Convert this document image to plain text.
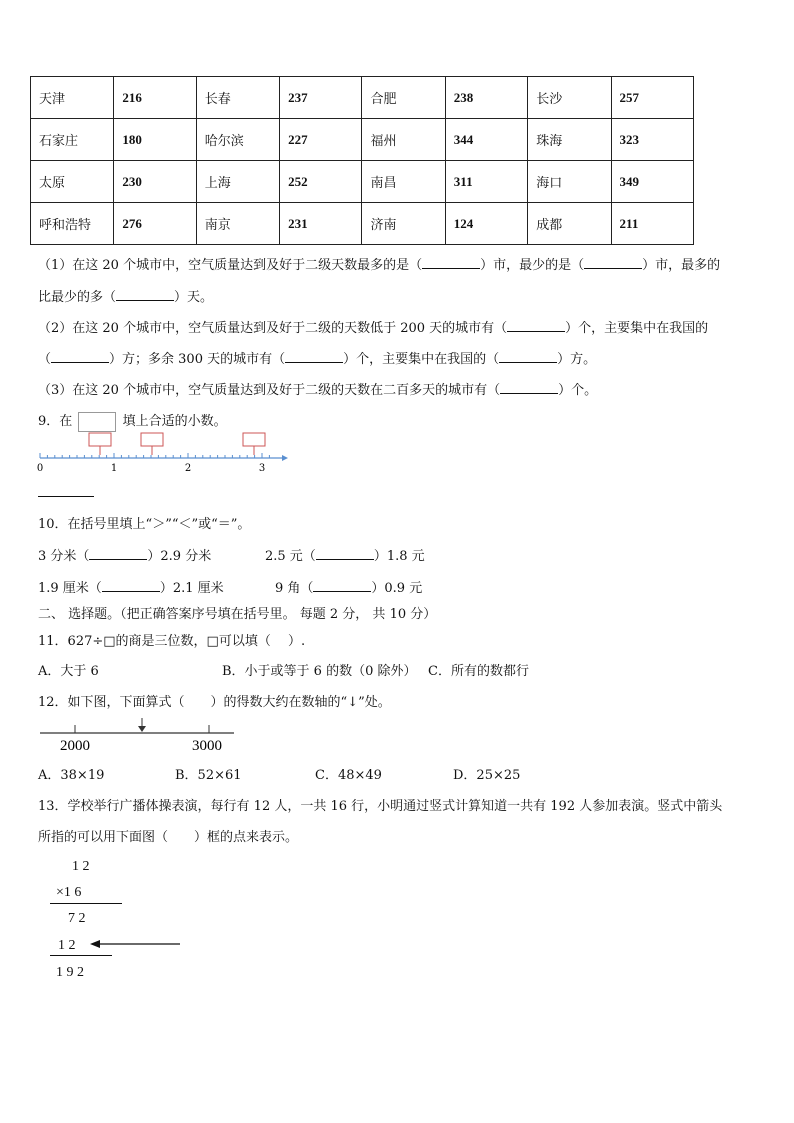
天津	216	长春	237	合肥	238	长沙	257
石家庄	180	哈尔滨	227	福州	344	珠海	323
太原	230	上海	252	南昌	311	海口	349
呼和浩特	276	南京	231	济南	124	成都	211
（1）在这 20 个城市中，空气质量达到及好于二级天数最多的是（	）市，最少的是（	）市，最多的
比最少的多（	）天。
（2）在这 20 个城市中，空气质量达到及好于二级的天数低于 200 天的城市有（	）个，主要集中在我国的
（	）方；多余 300 天的城市有（	）个，主要集中在我国的（	）方。
（3）在这 20 个城市中，空气质量达到及好于二级的天数在二百多天的城市有（	）个。
9．在	填上合适的小数。
0	1	2	3
10．在括号里填上“＞”“＜”或“＝”。
3 分米（	）2.9 分米	2.5 元（	）1.8 元
1.9 厘米（	）2.1 厘米	9 角（	）0.9 元
二、 选择题。（把正确答案序号填在括号里。 每题 2 分， 共 10 分）
11．627÷□的商是三位数，□可以填（　 ）.
A．大于 6	B．小于或等于 6 的数（0 除外） C．所有的数都行
12．如下图，下面算式（　　）的得数大约在数轴的“↓”处。
2000	3000
A．38×19	B．52×61	C．48×49	D．25×25
13．学校举行广播体操表演，每行有 12 人，一共 16 行，小明通过竖式计算知道一共有 192 人参加表演。竖式中箭头
所指的可以用下面图（　　）框的点来表示。
1 2
×1 6
7 2
1 2
1 9 2
